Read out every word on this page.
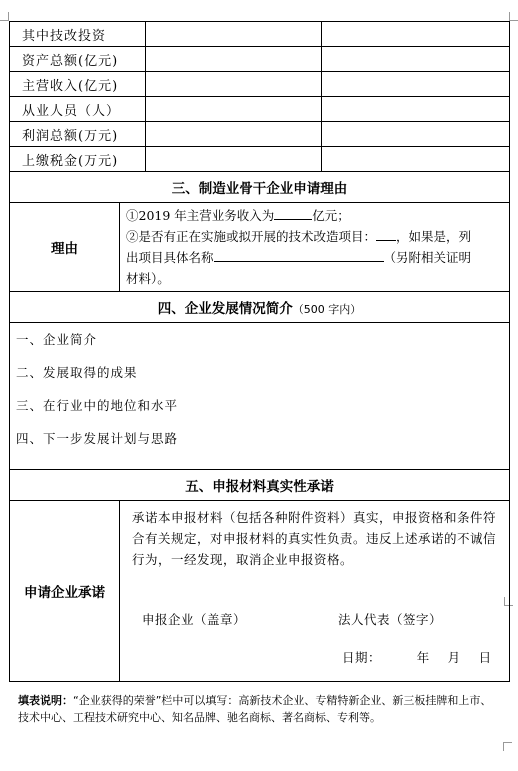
其中技改投资			
资产总额(亿元)			
主营收入(亿元)			
从业人员（人）			
利润总额(万元)			
上缴税金(万元)			
三、制造业骨干企业申请理由			
理由	①2019 年主营业务收入为 亿元；
②是否有正在实施或拟开展的技术改造项目： ，如果是，列
出项目具体名称 （另附相关证明
材料）。		

四、企业发展情况简介（500 字内）			

一、企业简介
二、发展取得的成果
三、在行业中的地位和水平
四、下一步发展计划与思路			

五、申报材料真实性承诺			
申请企业承诺	承诺本申报材料（包括各种附件资料）真实，申报资格和条件符合有关规定，对申报材料的真实性负责。违反上述承诺的不诚信行为，一经发现，取消企业申报资格。
申报企业（盖章） 法人代表（签字）
日期：        年    月    日		
填表说明：“企业获得的荣誉”栏中可以填写：高新技术企业、专精特新企业、新三板挂牌和上市、技术中心、工程技术研究中心、知名品牌、驰名商标、著名商标、专利等。
